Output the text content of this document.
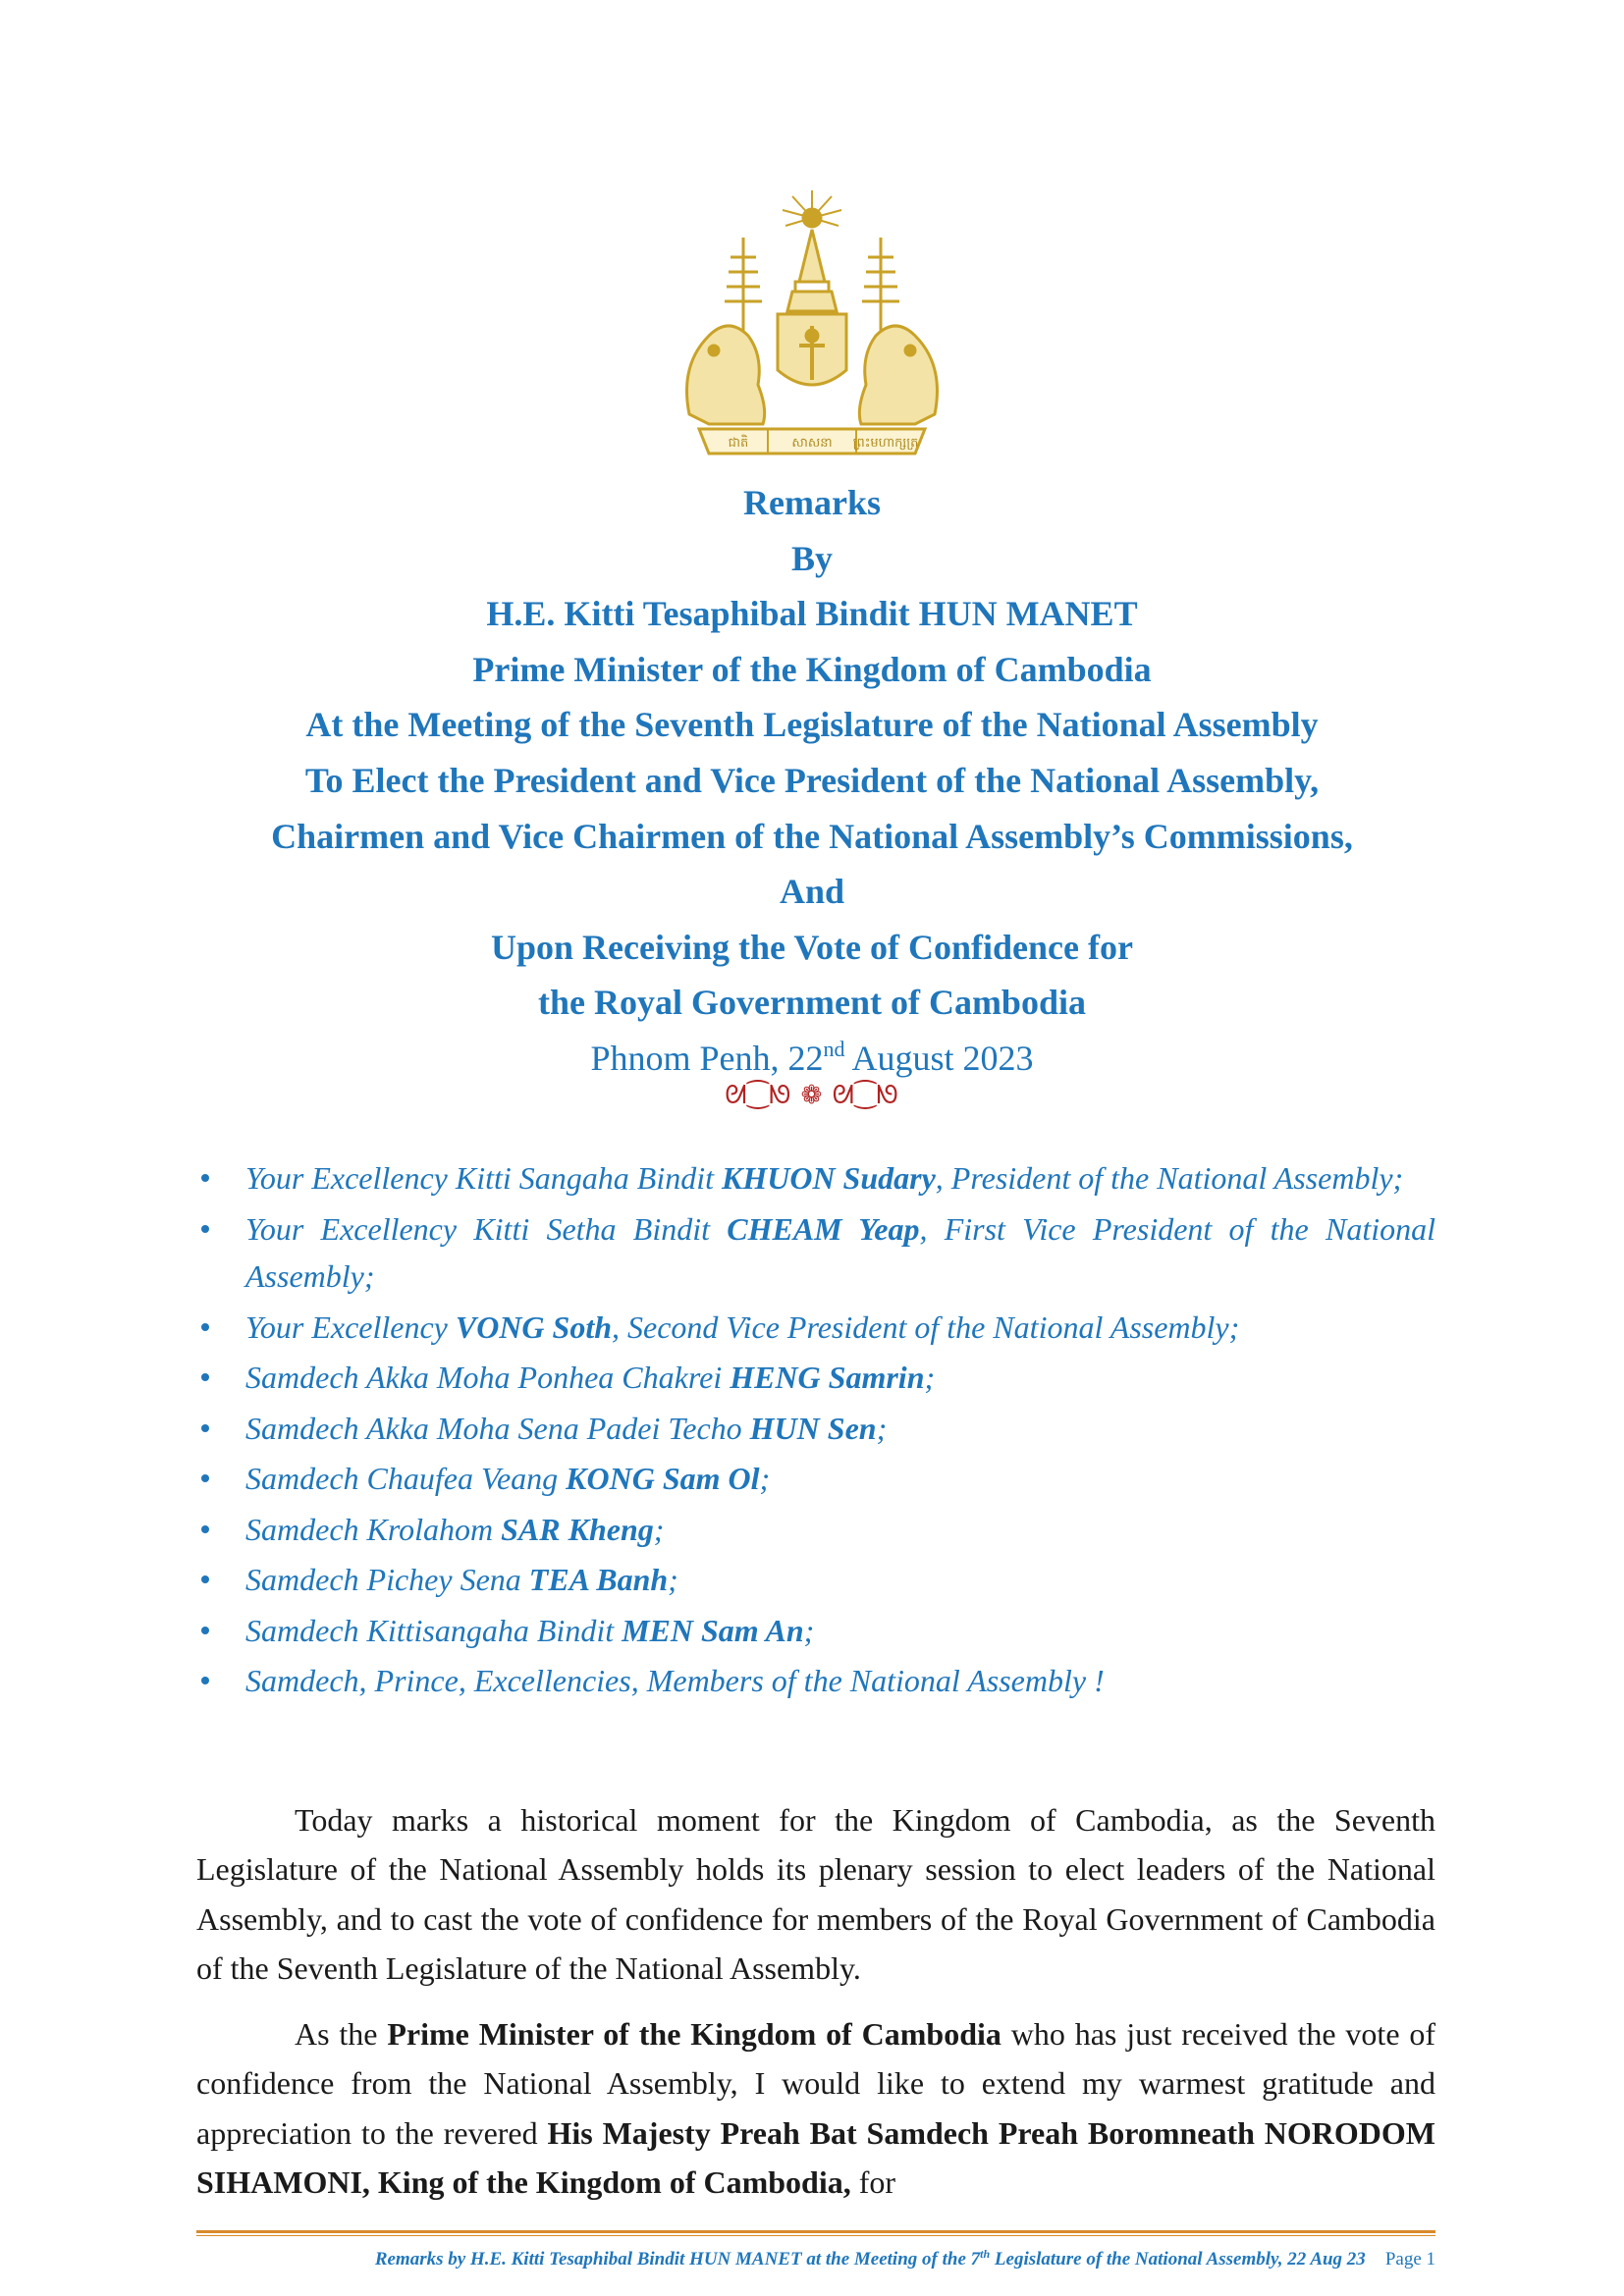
ជាតិ	សាសនា ព្រះមហាក្សត្រ
Remarks
By
H.E. Kitti Tesaphibal Bindit HUN MANET
Prime Minister of the Kingdom of Cambodia
At the Meeting of the Seventh Legislature of the National Assembly
To Elect the President and Vice President of the National Assembly,
Chairmen and Vice Chairmen of the National Assembly’s Commissions,
And
Upon Receiving the Vote of Confidence for
the Royal Government of Cambodia
Phnom Penh, 22nd August 2023
ᘛ⁐ᘚ ❁ ᘛ⁐ᘚ
Your Excellency Kitti Sangaha Bindit KHUON Sudary, President of the National Assembly;
Your Excellency Kitti Setha Bindit CHEAM Yeap, First Vice President of the National Assembly;
Your Excellency VONG Soth, Second Vice President of the National Assembly;
Samdech Akka Moha Ponhea Chakrei HENG Samrin;
Samdech Akka Moha Sena Padei Techo HUN Sen;
Samdech Chaufea Veang KONG Sam Ol;
Samdech Krolahom SAR Kheng;
Samdech Pichey Sena TEA Banh;
Samdech Kittisangaha Bindit MEN Sam An;
Samdech, Prince, Excellencies, Members of the National Assembly !

Today marks a historical moment for the Kingdom of Cambodia, as the Seventh Legislature of the National Assembly holds its plenary session to elect leaders of the National Assembly, and to cast the vote of confidence for members of the Royal Government of Cambodia of the Seventh Legislature of the National Assembly.

As the Prime Minister of the Kingdom of Cambodia who has just received the vote of confidence from the National Assembly, I would like to extend my warmest gratitude and appreciation to the revered His Majesty Preah Bat Samdech Preah Boromneath NORODOM SIHAMONI, King of the Kingdom of Cambodia, for

Remarks by H.E. Kitti Tesaphibal Bindit HUN MANET at the Meeting of the 7th Legislature of the National Assembly, 22 Aug 23 Page 1
